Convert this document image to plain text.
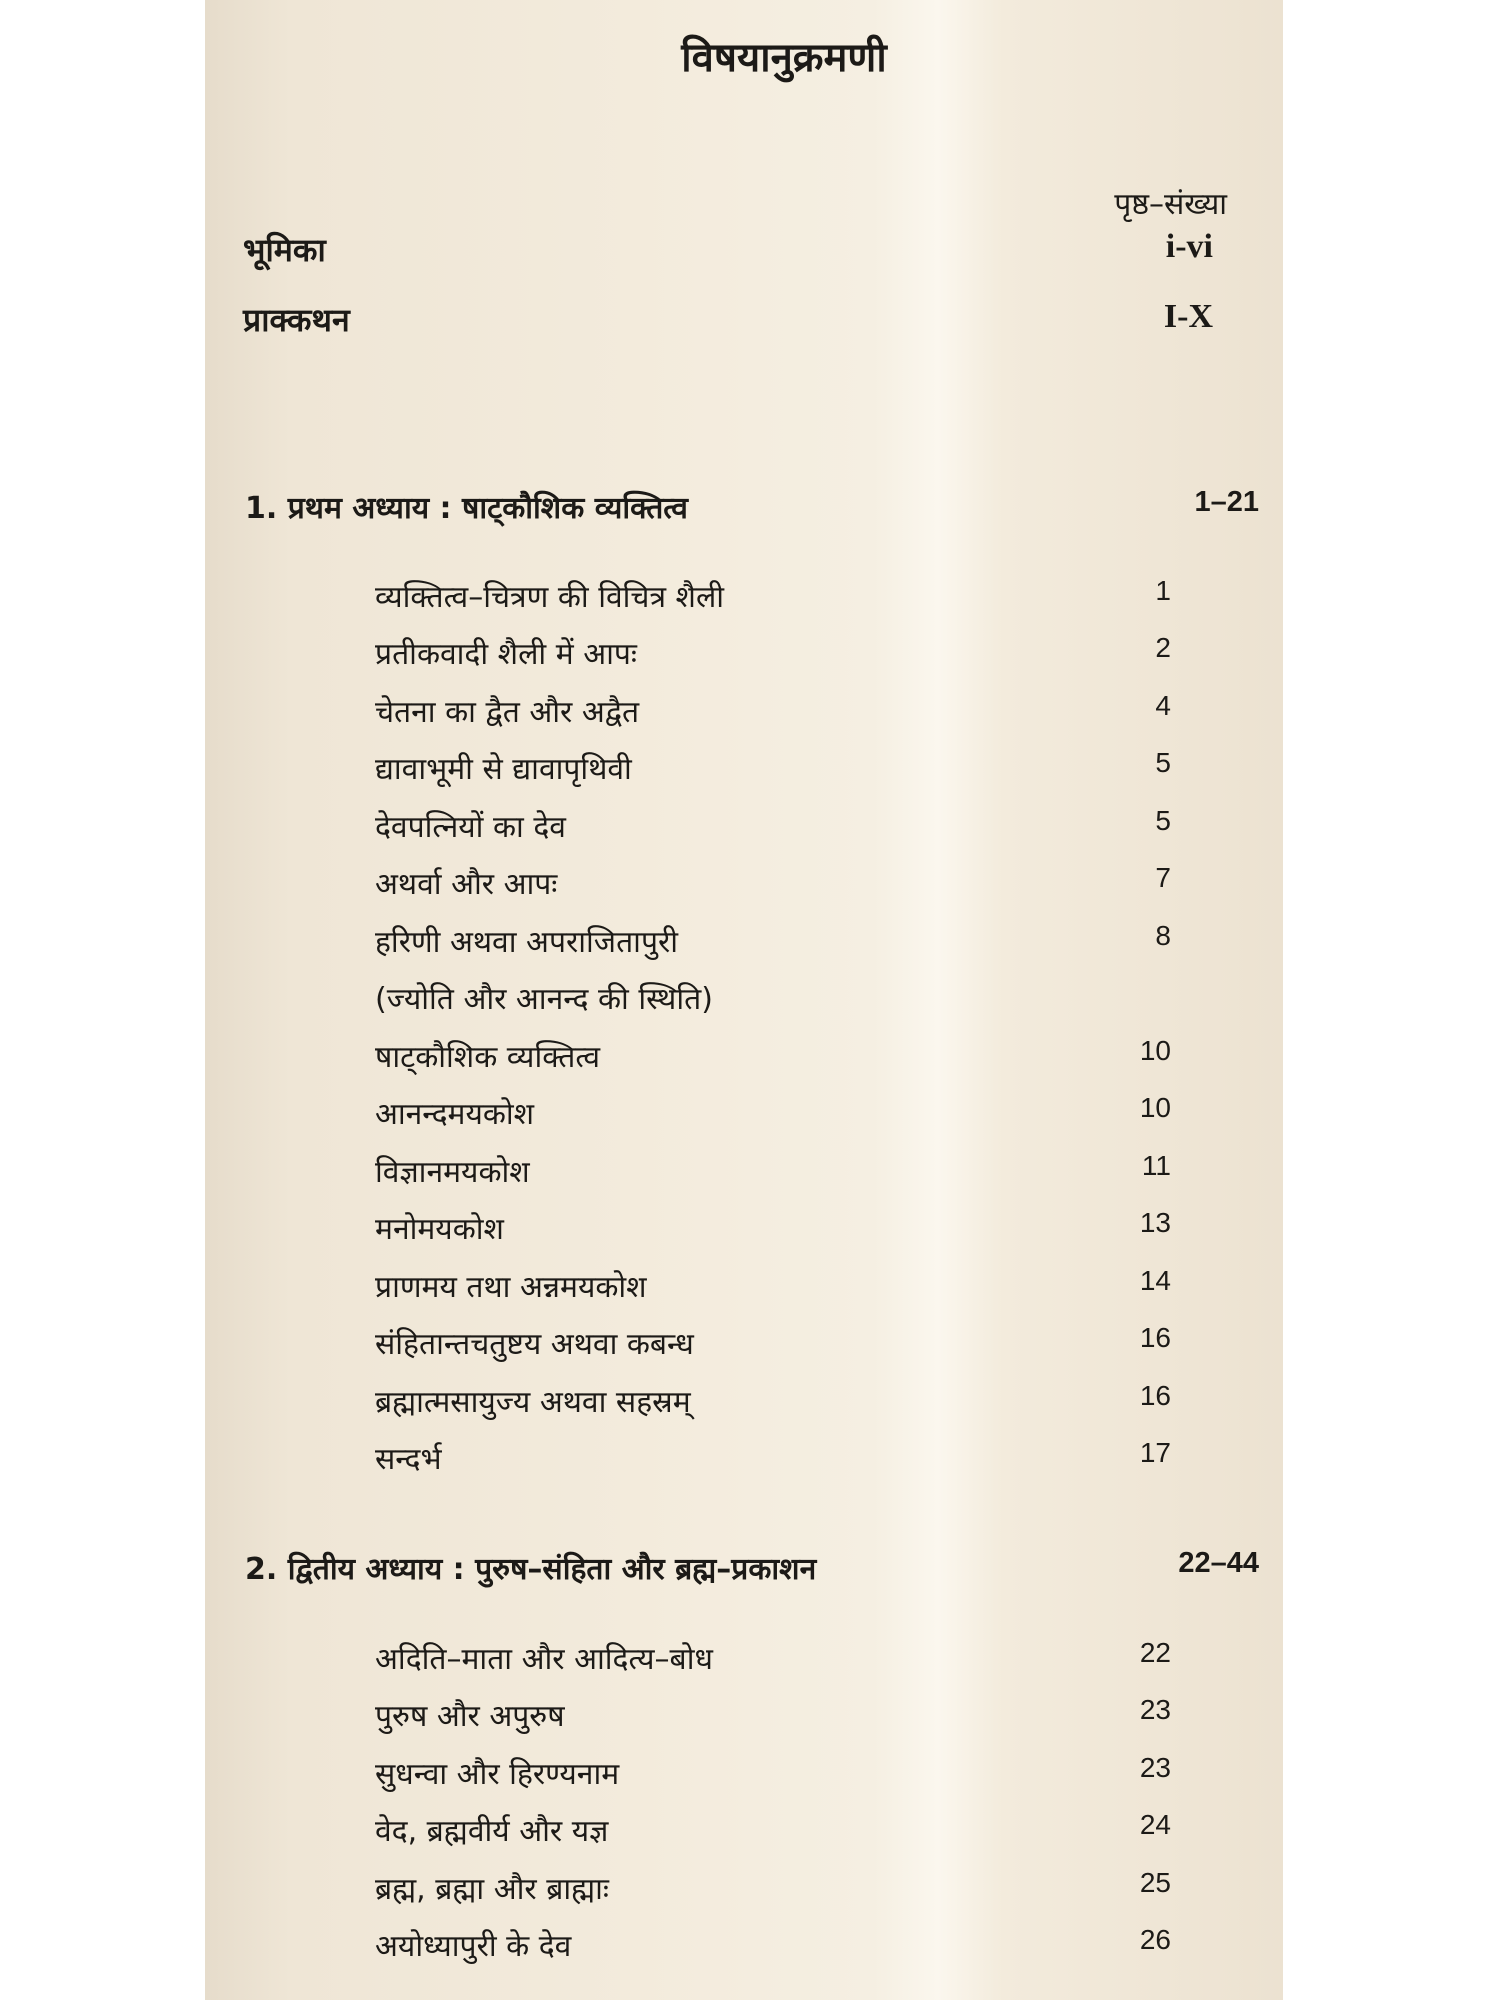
विषयानुक्रमणी
पृष्ठ–संख्या
भूमिका	i-vi
प्राक्कथन	I-X
1. प्रथम अध्याय : षाट्कौशिक व्यक्तित्व	1–21
व्यक्तित्व–चित्रण की विचित्र शैली	1
प्रतीकवादी शैली में आपः	2
चेतना का द्वैत और अद्वैत	4
द्यावाभूमी से द्यावापृथिवी	5
देवपत्नियों का देव	5
अथर्वा और आपः	7
हरिणी अथवा अपराजितापुरी	8
(ज्योति और आनन्द की स्थिति)
षाट्कौशिक व्यक्तित्व	10
आनन्दमयकोश	10
विज्ञानमयकोश	11
मनोमयकोश	13
प्राणमय तथा अन्नमयकोश	14
संहितान्तचतुष्टय अथवा कबन्ध	16
ब्रह्मात्मसायुज्य अथवा सहस्रम्	16
सन्दर्भ	17
2. द्वितीय अध्याय : पुरुष–संहिता और ब्रह्म–प्रकाशन	22–44
अदिति–माता और आदित्य–बोध	22
पुरुष और अपुरुष	23
सुधन्वा और हिरण्यनाम	23
वेद, ब्रह्मवीर्य और यज्ञ	24
ब्रह्म, ब्रह्मा और ब्राह्माः	25
अयोध्यापुरी के देव	26
